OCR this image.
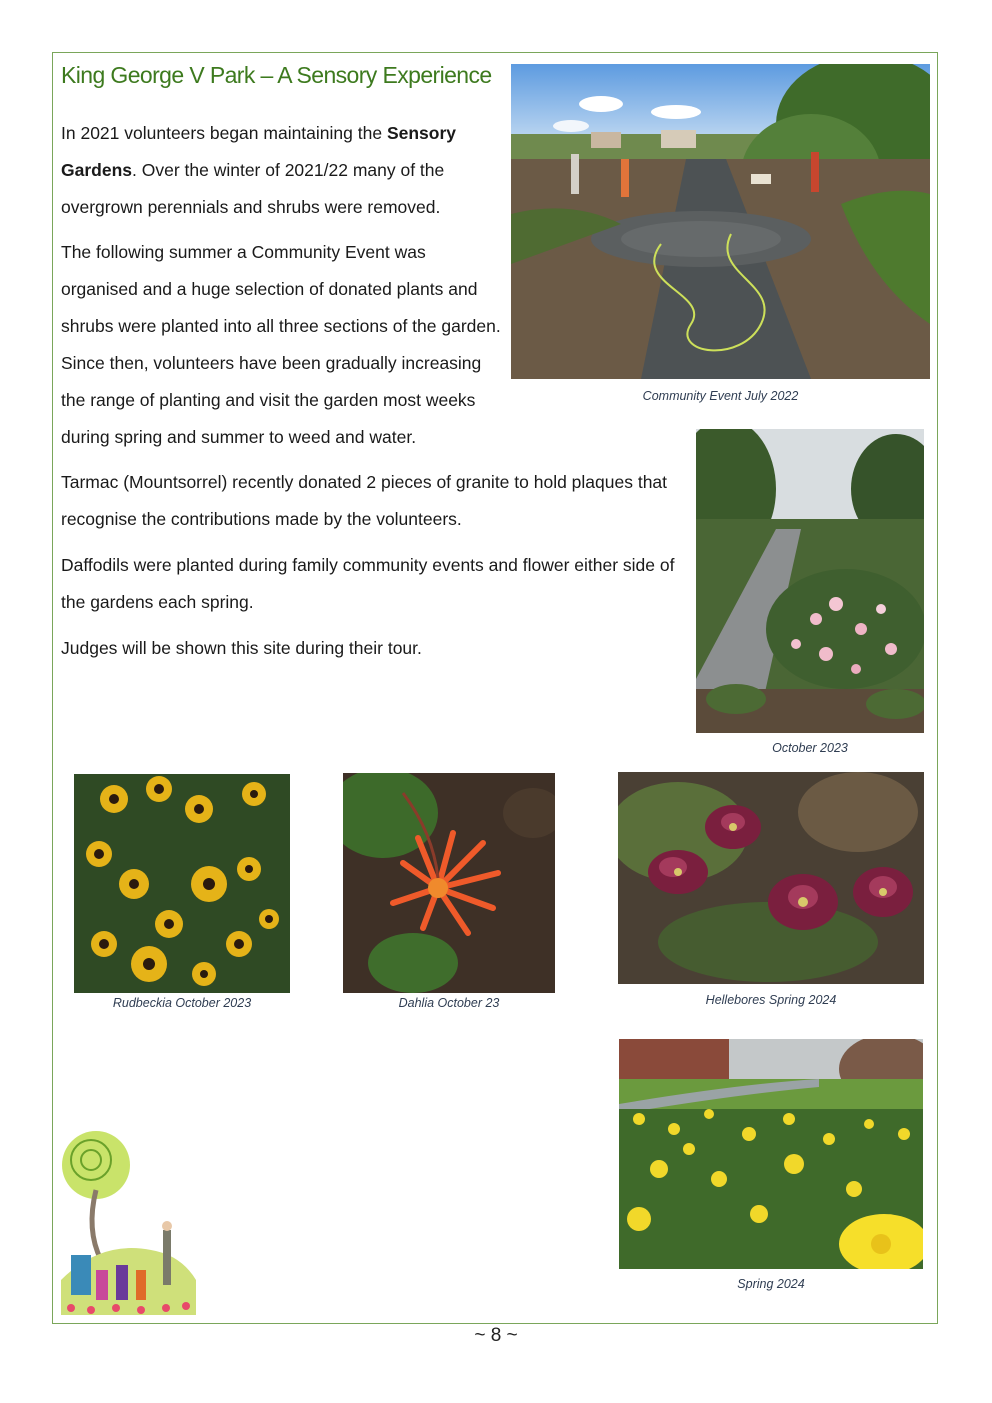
King George V Park – A Sensory Experience

In 2021 volunteers began maintaining the Sensory Gardens. Over the winter of 2021/22 many of the overgrown perennials and shrubs were removed.

The following summer a Community Event was organised and a huge selection of donated plants and shrubs were planted into all three sections of the garden. Since then, volunteers have been gradually increasing the range of planting and visit the garden most weeks during spring and summer to weed and water.

Tarmac (Mountsorrel) recently donated 2 pieces of granite to hold plaques that recognise the contributions made by the volunteers.

Daffodils were planted during family community events and flower either side of the gardens each spring.

Judges will be shown this site during their tour.

Community Event July 2022

October 2023

Rudbeckia October 2023	Dahlia October 23	Hellebores Spring 2024

Spring 2024

~ 8 ~
